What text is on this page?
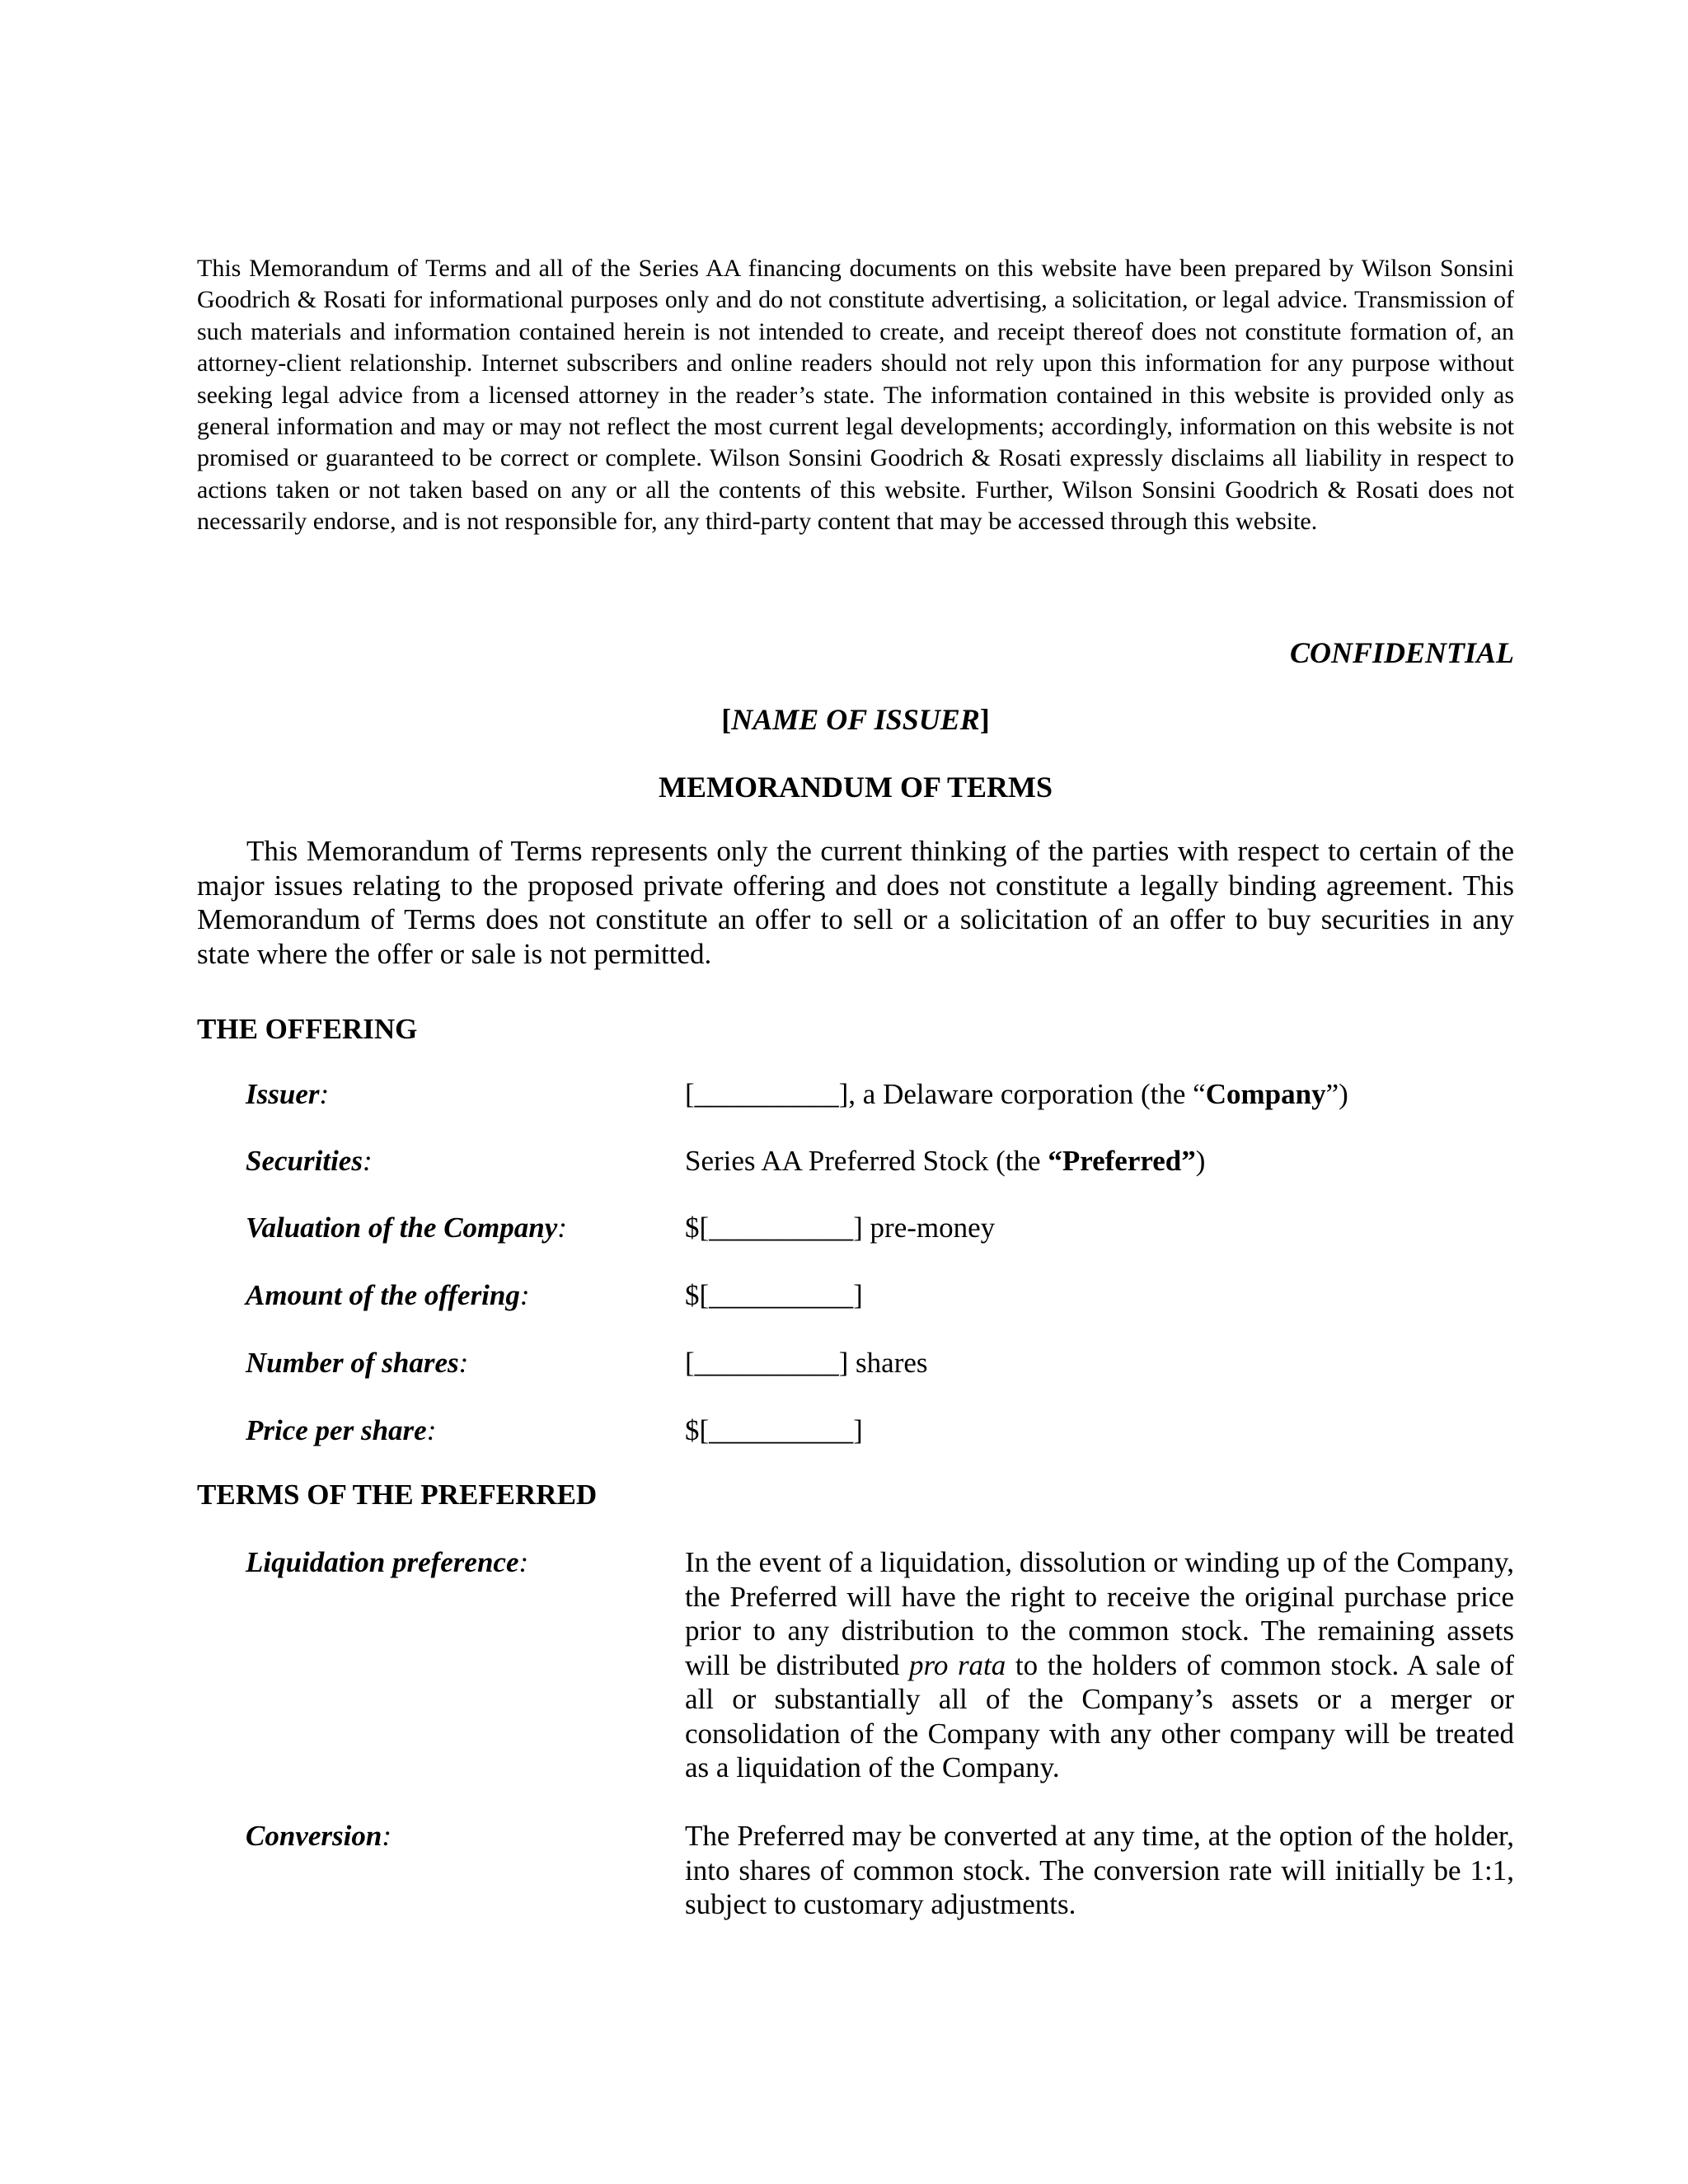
This Memorandum of Terms and all of the Series AA financing documents on this website have been prepared by Wilson Sonsini Goodrich & Rosati for informational purposes only and do not constitute advertising, a solicitation, or legal advice. Transmission of such materials and information contained herein is not intended to create, and receipt thereof does not constitute formation of, an attorney-client relationship. Internet subscribers and online readers should not rely upon this information for any purpose without seeking legal advice from a licensed attorney in the reader’s state. The information contained in this website is provided only as general information and may or may not reflect the most current legal developments; accordingly, information on this website is not promised or guaranteed to be correct or complete. Wilson Sonsini Goodrich & Rosati expressly disclaims all liability in respect to actions taken or not taken based on any or all the contents of this website. Further, Wilson Sonsini Goodrich & Rosati does not necessarily endorse, and is not responsible for, any third-party content that may be accessed through this website.

CONFIDENTIAL
[NAME OF ISSUER]
MEMORANDUM OF TERMS

This Memorandum of Terms represents only the current thinking of the parties with respect to certain of the major issues relating to the proposed private offering and does not constitute a legally binding agreement. This Memorandum of Terms does not constitute an offer to sell or a solicitation of an offer to buy securities in any state where the offer or sale is not permitted.

THE OFFERING
Issuer:	[__________], a Delaware corporation (the “Company”)
Securities:	Series AA Preferred Stock (the “Preferred”)
Valuation of the Company:	$[__________] pre-money
Amount of the offering:	$[__________]
Number of shares:	[__________] shares
Price per share:	$[__________]
TERMS OF THE PREFERRED
Liquidation preference:	In the event of a liquidation, dissolution or winding up of the Company, the Preferred will have the right to receive the original purchase price prior to any distribution to the common stock. The remaining assets will be distributed pro rata to the holders of common stock. A sale of all or substantially all of the Company’s assets or a merger or consolidation of the Company with any other company will be treated as a liquidation of the Company.
Conversion:	The Preferred may be converted at any time, at the option of the holder, into shares of common stock. The conversion rate will initially be 1:1, subject to customary adjustments.
